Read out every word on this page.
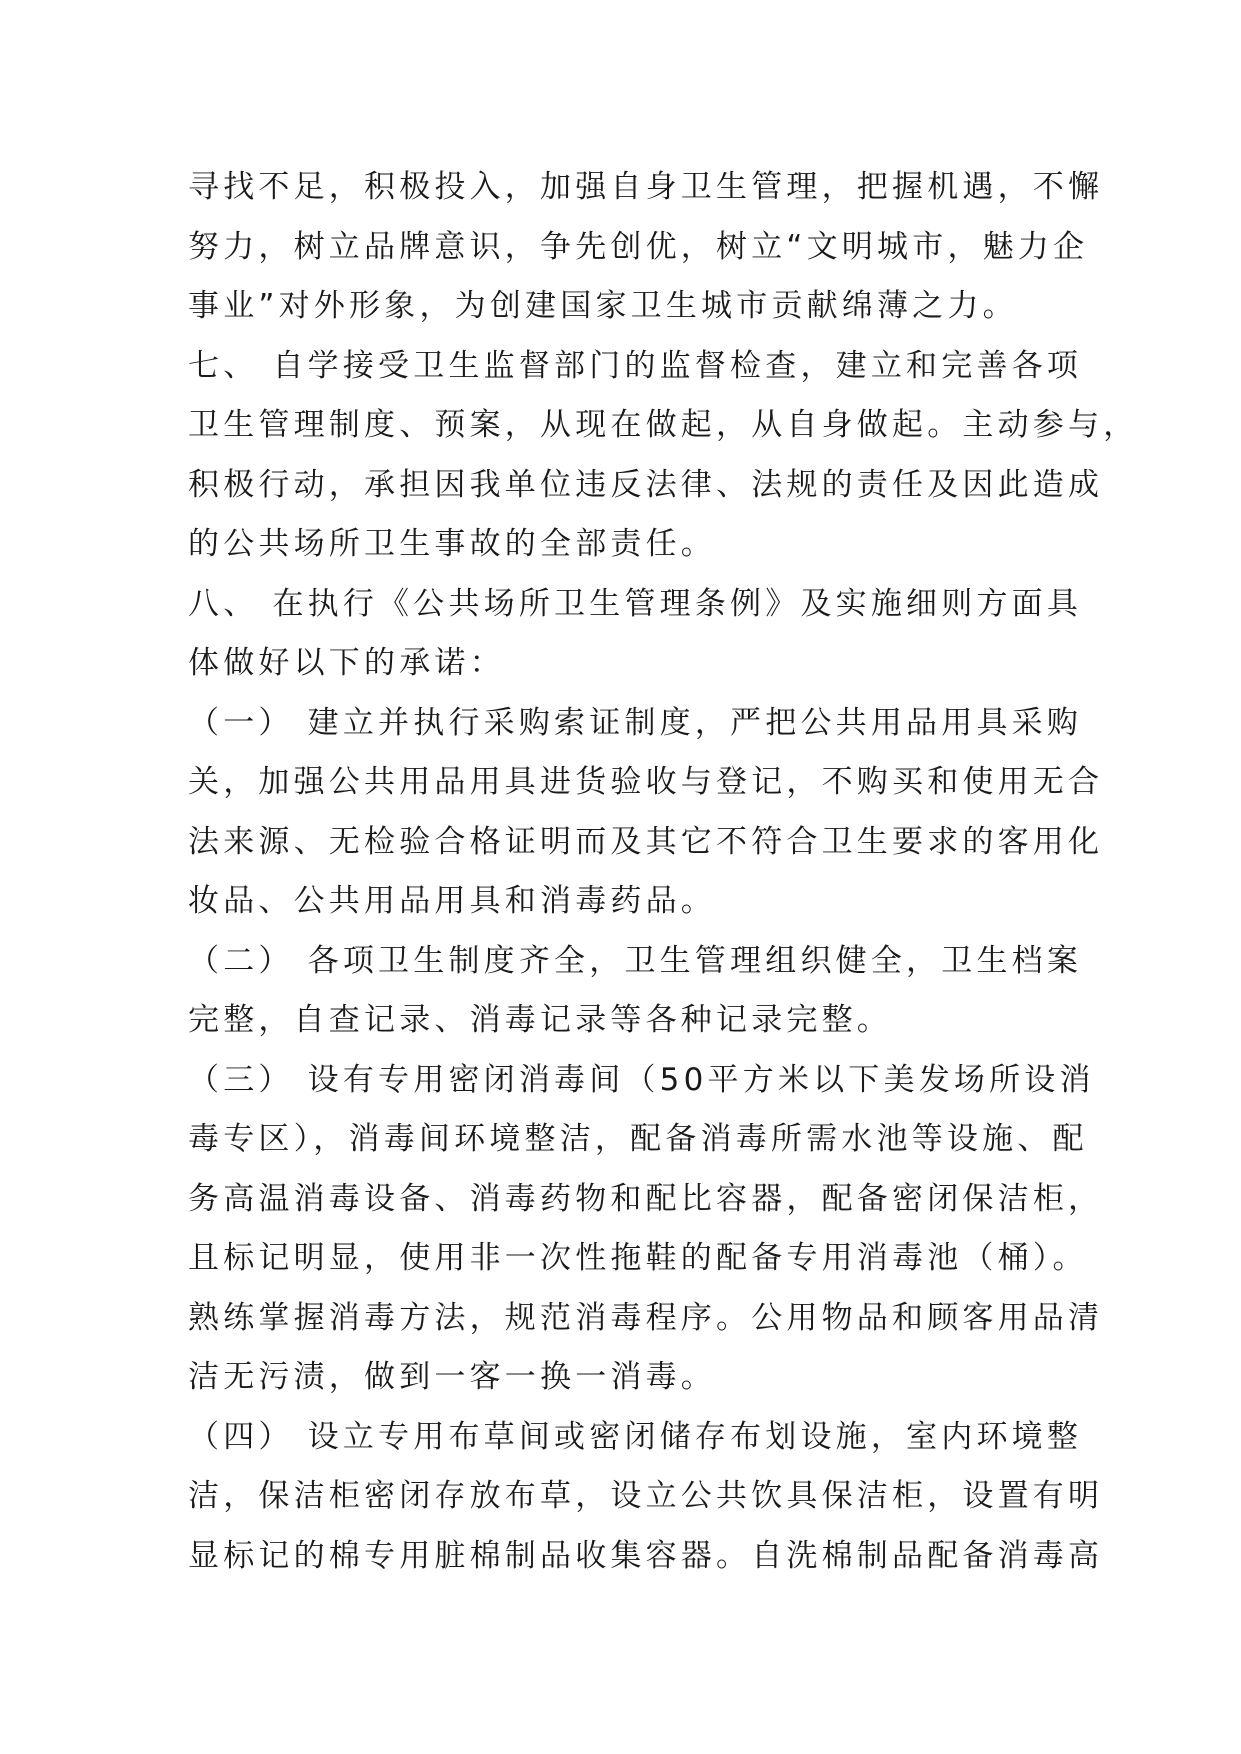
寻找不足，积极投入，加强自身卫生管理，把握机遇，不懈
努力，树立品牌意识，争先创优，树立“文明城市，魅力企
事业”对外形象，为创建国家卫生城市贡献绵薄之力。
七、 自学接受卫生监督部门的监督检查，建立和完善各项
卫生管理制度、预案，从现在做起，从自身做起。主动参与，
积极行动，承担因我单位违反法律、法规的责任及因此造成
的公共场所卫生事故的全部责任。
八、 在执行《公共场所卫生管理条例》及实施细则方面具
体做好以下的承诺：
（一） 建立并执行采购索证制度，严把公共用品用具采购
关，加强公共用品用具进货验收与登记，不购买和使用无合
法来源、无检验合格证明而及其它不符合卫生要求的客用化
妆品、公共用品用具和消毒药品。
（二） 各项卫生制度齐全，卫生管理组织健全，卫生档案
完整，自查记录、消毒记录等各种记录完整。
（三） 设有专用密闭消毒间（50平方米以下美发场所设消
毒专区），消毒间环境整洁，配备消毒所需水池等设施、配
务高温消毒设备、消毒药物和配比容器，配备密闭保洁柜，
且标记明显，使用非一次性拖鞋的配备专用消毒池（桶）。
熟练掌握消毒方法，规范消毒程序。公用物品和顾客用品清
洁无污渍，做到一客一换一消毒。
（四） 设立专用布草间或密闭储存布划设施，室内环境整
洁，保洁柜密闭存放布草，设立公共饮具保洁柜，设置有明
显标记的棉专用脏棉制品收集容器。自洗棉制品配备消毒高
